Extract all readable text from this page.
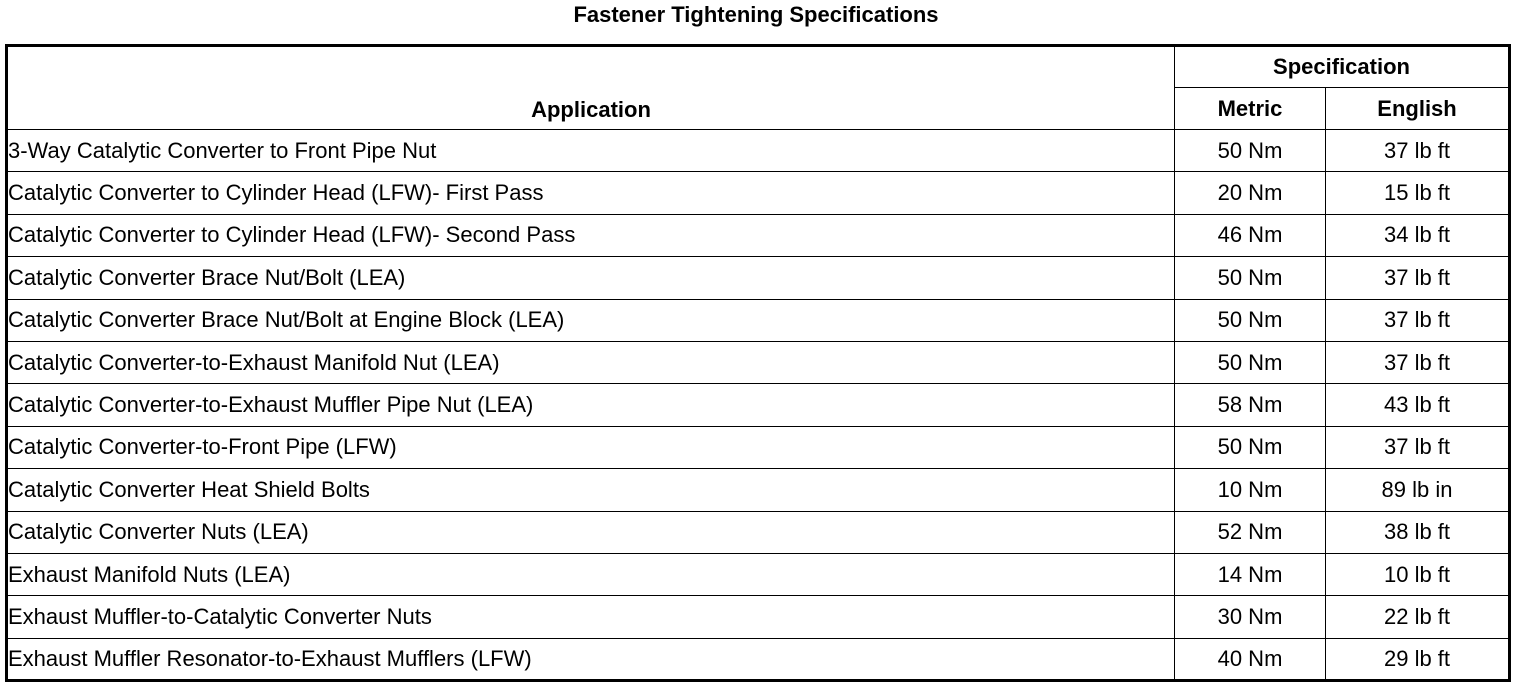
Fastener Tightening Specifications
Application	Specification	
	Metric	English
3-Way Catalytic Converter to Front Pipe Nut	50 Nm	37 lb ft
Catalytic Converter to Cylinder Head (LFW)- First Pass	20 Nm	15 lb ft
Catalytic Converter to Cylinder Head (LFW)- Second Pass	46 Nm	34 lb ft
Catalytic Converter Brace Nut/Bolt (LEA)	50 Nm	37 lb ft
Catalytic Converter Brace Nut/Bolt at Engine Block (LEA)	50 Nm	37 lb ft
Catalytic Converter-to-Exhaust Manifold Nut (LEA)	50 Nm	37 lb ft
Catalytic Converter-to-Exhaust Muffler Pipe Nut (LEA)	58 Nm	43 lb ft
Catalytic Converter-to-Front Pipe (LFW)	50 Nm	37 lb ft
Catalytic Converter Heat Shield Bolts	10 Nm	89 lb in
Catalytic Converter Nuts (LEA)	52 Nm	38 lb ft
Exhaust Manifold Nuts (LEA)	14 Nm	10 lb ft
Exhaust Muffler-to-Catalytic Converter Nuts	30 Nm	22 lb ft
Exhaust Muffler Resonator-to-Exhaust Mufflers (LFW)	40 Nm	29 lb ft
